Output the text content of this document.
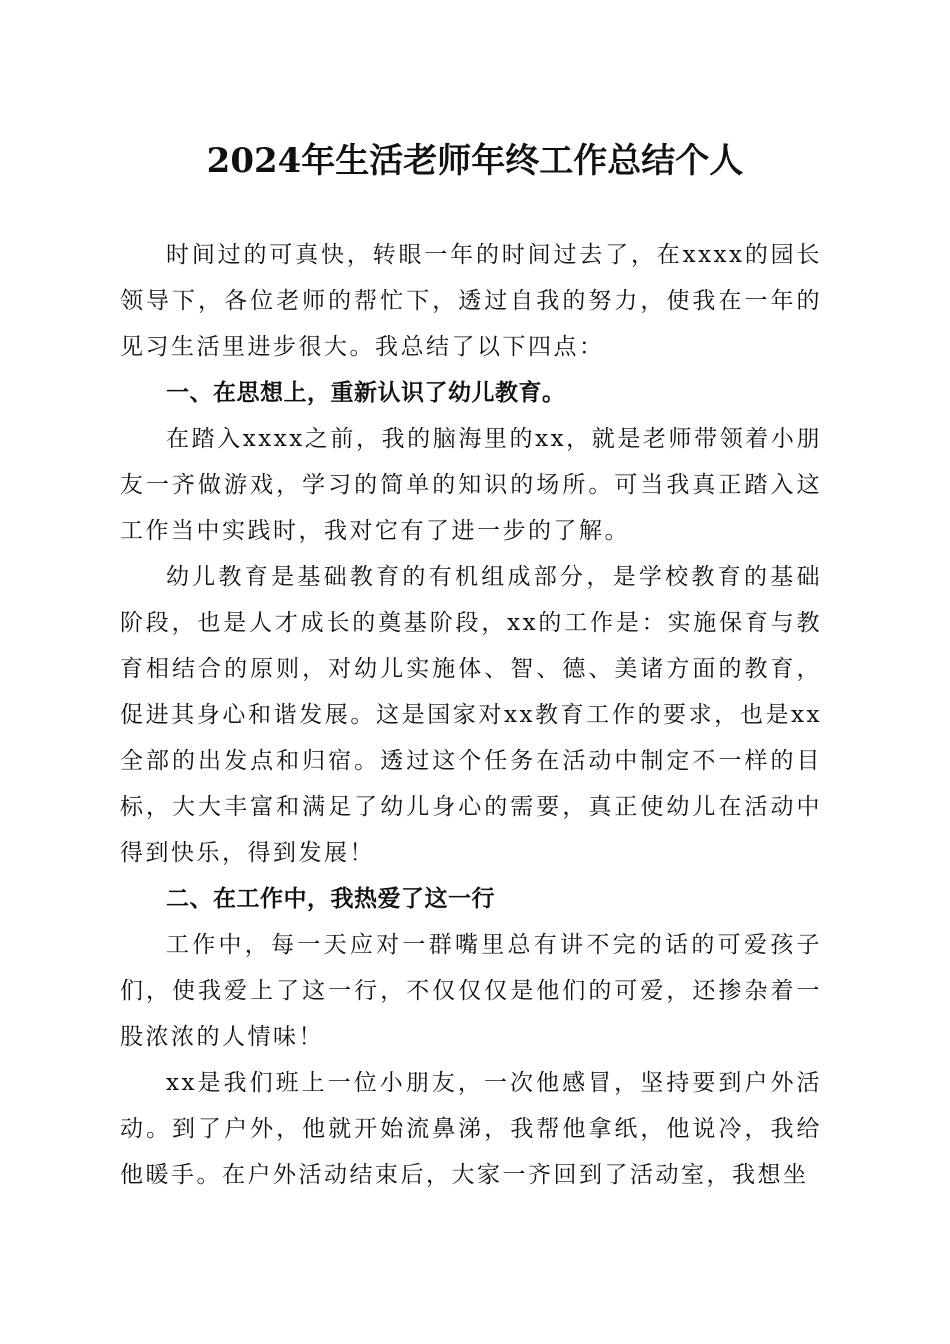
2024年生活老师年终工作总结个人

时间过的可真快，转眼一年的时间过去了，在xxxx的园长领导下，各位老师的帮忙下，透过自我的努力，使我在一年的见习生活里进步很大。我总结了以下四点：

一、在思想上，重新认识了幼儿教育。

在踏入xxxx之前，我的脑海里的xx，就是老师带领着小朋友一齐做游戏，学习的简单的知识的场所。可当我真正踏入这工作当中实践时，我对它有了进一步的了解。

幼儿教育是基础教育的有机组成部分，是学校教育的基础阶段，也是人才成长的奠基阶段，xx的工作是：实施保育与教育相结合的原则，对幼儿实施体、智、德、美诸方面的教育，促进其身心和谐发展。这是国家对xx教育工作的要求，也是xx全部的出发点和归宿。透过这个任务在活动中制定不一样的目标，大大丰富和满足了幼儿身心的需要，真正使幼儿在活动中得到快乐，得到发展！

二、在工作中，我热爱了这一行

工作中，每一天应对一群嘴里总有讲不完的话的可爱孩子们，使我爱上了这一行，不仅仅仅是他们的可爱，还掺杂着一股浓浓的人情味！

xx是我们班上一位小朋友，一次他感冒，坚持要到户外活动。到了户外，他就开始流鼻涕，我帮他拿纸，他说冷，我给他暖手。在户外活动结束后，大家一齐回到了活动室，我想坐
